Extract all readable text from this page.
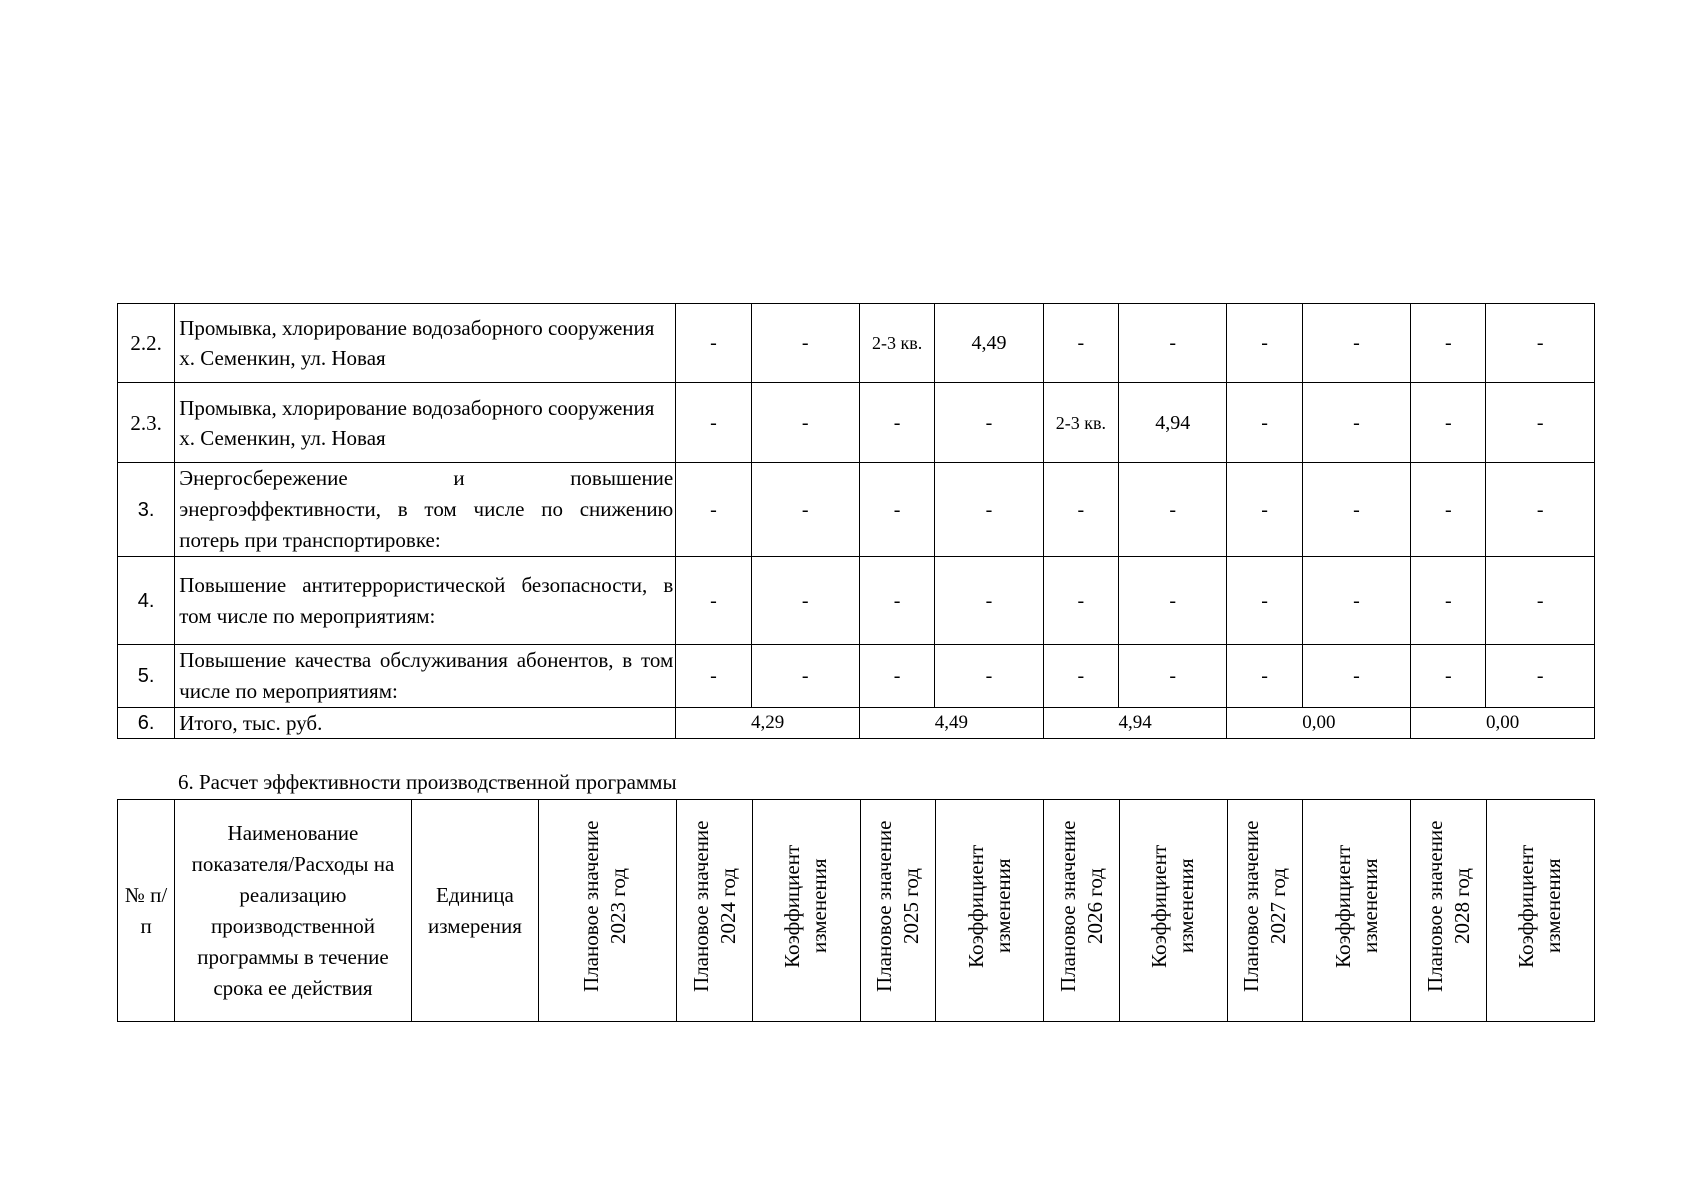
2.2.	Промывка, хлорирование водозаборного сооружения х. Семенкин, ул. Новая	-	-	2-3 кв.	4,49	-	-	-	-	-	-
2.3.	Промывка, хлорирование водозаборного сооружения х. Семенкин, ул. Новая	-	-	-	-	2-3 кв.	4,94	-	-	-	-
3.	Энергосбережение и повышение энергоэффективности, в том числе по снижению потерь при транспортировке:	-	-	-	-	-	-	-	-	-	-
4.	Повышение антитеррористической безопасности, в том числе по мероприятиям:	-	-	-	-	-	-	-	-	-	-
5.	Повышение качества обслуживания абонентов, в том числе по мероприятиям:	-	-	-	-	-	-	-	-	-	-
6.	Итого, тыс. руб.	4,29		4,49		4,94		0,00		0,00	
6. Расчет эффективности производственной программы
№ п/п	Наименование показателя/Расходы на реализацию производственной программы в течение срока ее действия	Единица измерения	Плановое значение 2023 год	Плановое значение 2024 год	Коэффициент изменения	Плановое значение 2025 год	Коэффициент изменения	Плановое значение 2026 год	Коэффициент изменения	Плановое значение 2027 год	Коэффициент изменения	Плановое значение 2028 год	Коэффициент изменения
